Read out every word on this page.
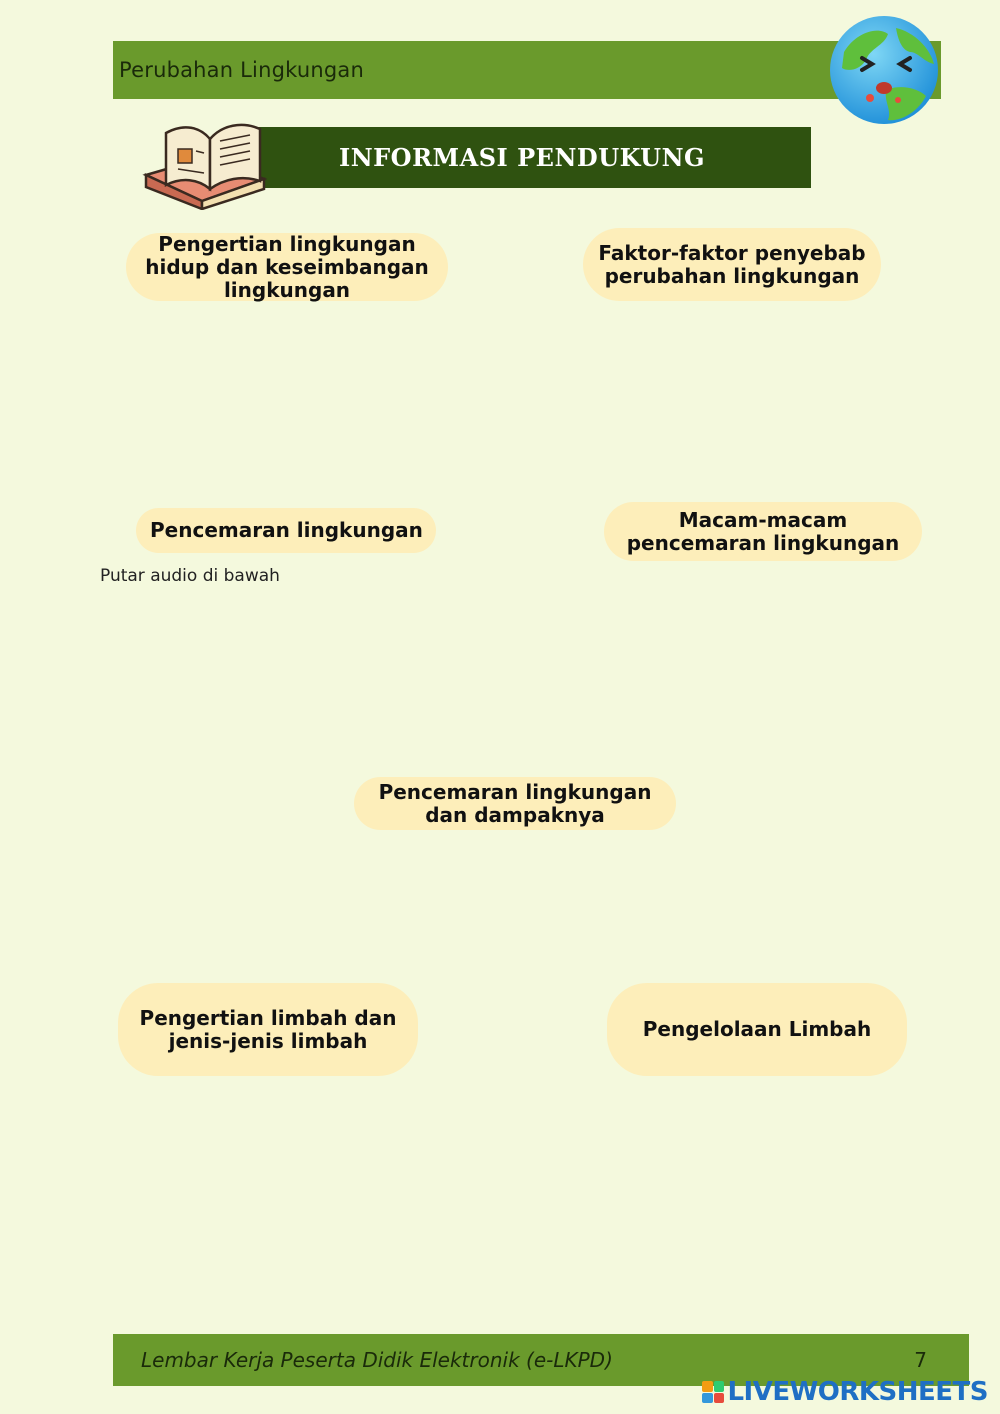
Perubahan Lingkungan
INFORMASI PENDUKUNG
Pengertian lingkungan hidup dan keseimbangan lingkungan
Faktor-faktor penyebab perubahan lingkungan
Pencemaran lingkungan
Putar audio di bawah
Macam-macam pencemaran lingkungan
Pencemaran lingkungan dan dampaknya
Pengertian limbah dan jenis-jenis limbah	Pengelolaan Limbah
Lembar Kerja Peserta Didik Elektronik (e-LKPD)	7
LIVEWORKSHEETS
